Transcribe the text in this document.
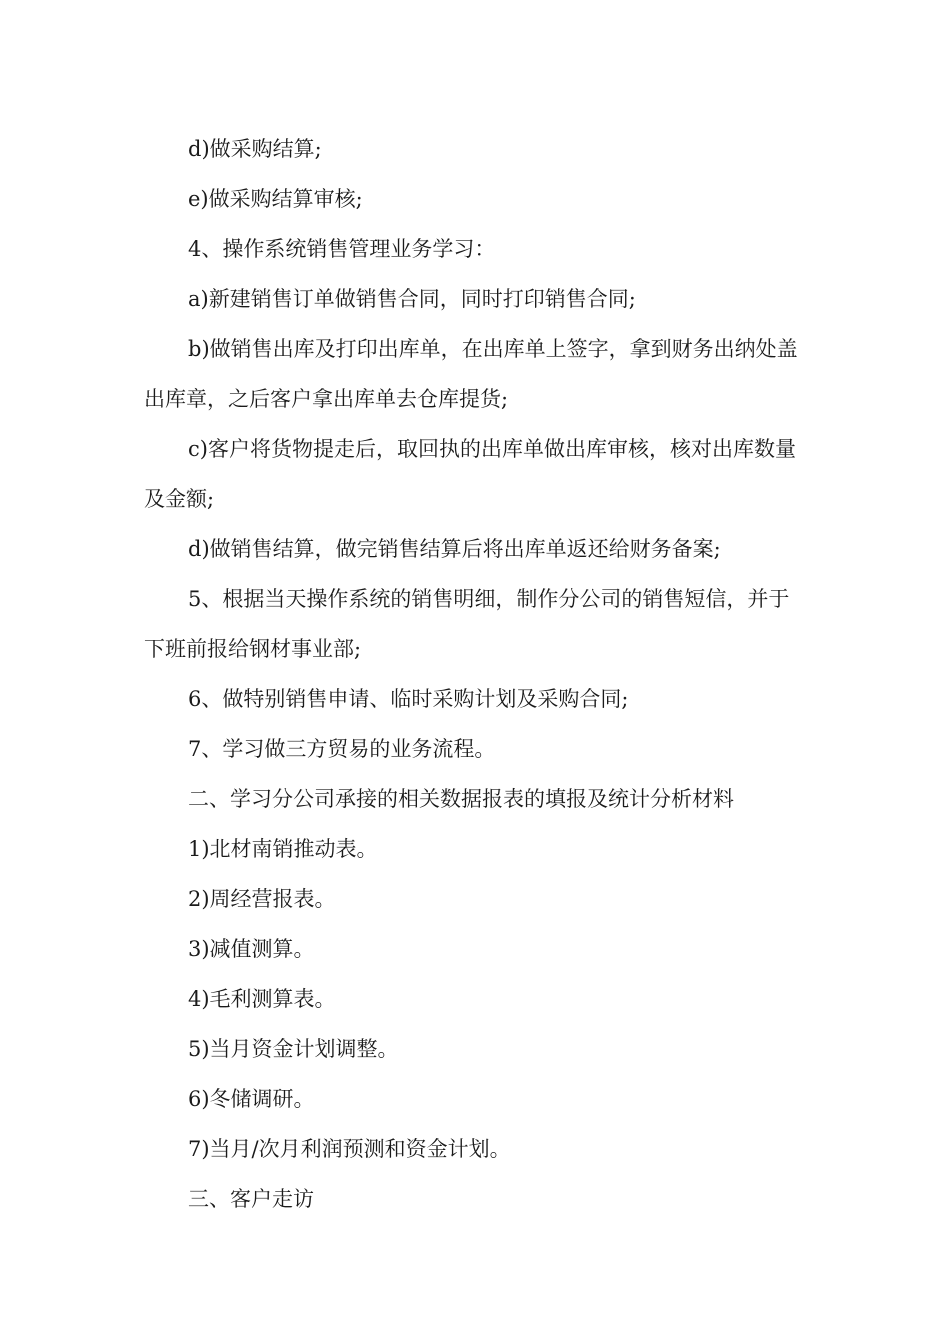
d)做采购结算;

e)做采购结算审核;

4、操作系统销售管理业务学习：

a)新建销售订单做销售合同，同时打印销售合同;

b)做销售出库及打印出库单，在出库单上签字，拿到财务出纳处盖出库章，之后客户拿出库单去仓库提货;

c)客户将货物提走后，取回执的出库单做出库审核，核对出库数量及金额;

d)做销售结算，做完销售结算后将出库单返还给财务备案;

5、根据当天操作系统的销售明细，制作分公司的销售短信，并于下班前报给钢材事业部;

6、做特别销售申请、临时采购计划及采购合同;

7、学习做三方贸易的业务流程。

二、学习分公司承接的相关数据报表的填报及统计分析材料

1)北材南销推动表。

2)周经营报表。

3)减值测算。

4)毛利测算表。

5)当月资金计划调整。

6)冬储调研。

7)当月/次月利润预测和资金计划。

三、客户走访
